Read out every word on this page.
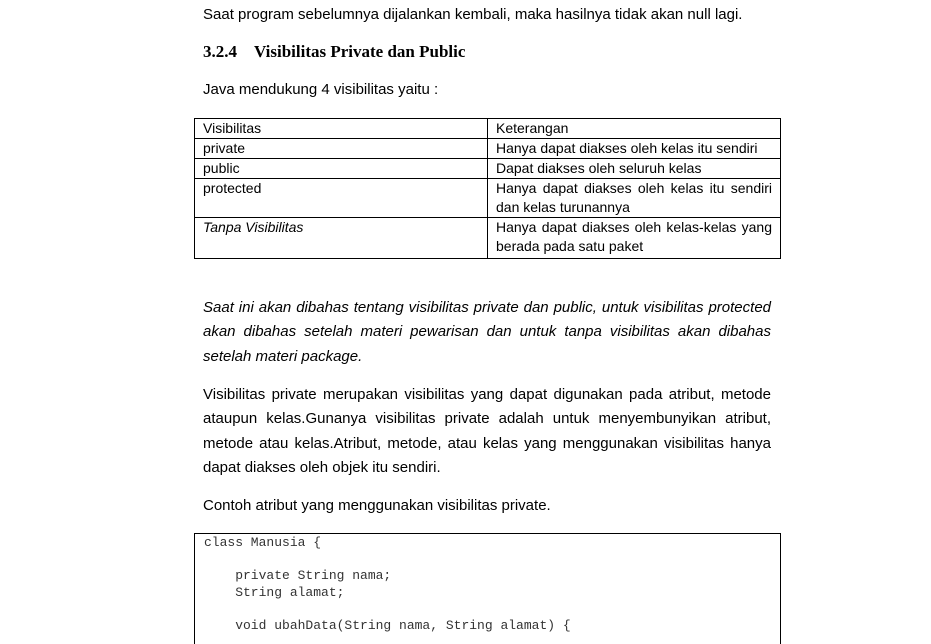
Saat program sebelumnya dijalankan kembali, maka hasilnya tidak akan null lagi.
3.2.4 Visibilitas Private dan Public
Java mendukung 4 visibilitas yaitu :
Visibilitas	Keterangan
private	Hanya dapat diakses oleh kelas itu sendiri
public	Dapat diakses oleh seluruh kelas
protected	Hanya dapat diakses oleh kelas itu sendiri dan kelas turunannya
Tanpa Visibilitas	Hanya dapat diakses oleh kelas-kelas yang berada pada satu paket

Saat ini akan dibahas tentang visibilitas private dan public, untuk visibilitas protected akan dibahas setelah materi pewarisan dan untuk tanpa visibilitas akan dibahas setelah materi package.

Visibilitas private merupakan visibilitas yang dapat digunakan pada atribut, metode ataupun kelas.Gunanya visibilitas private adalah untuk menyembunyikan atribut, metode atau kelas.Atribut, metode, atau kelas yang menggunakan visibilitas hanya dapat diakses oleh objek itu sendiri.

Contoh atribut yang menggunakan visibilitas private.

class Manusia {

private String nama;
String alamat;

void ubahData(String nama, String alamat) {
